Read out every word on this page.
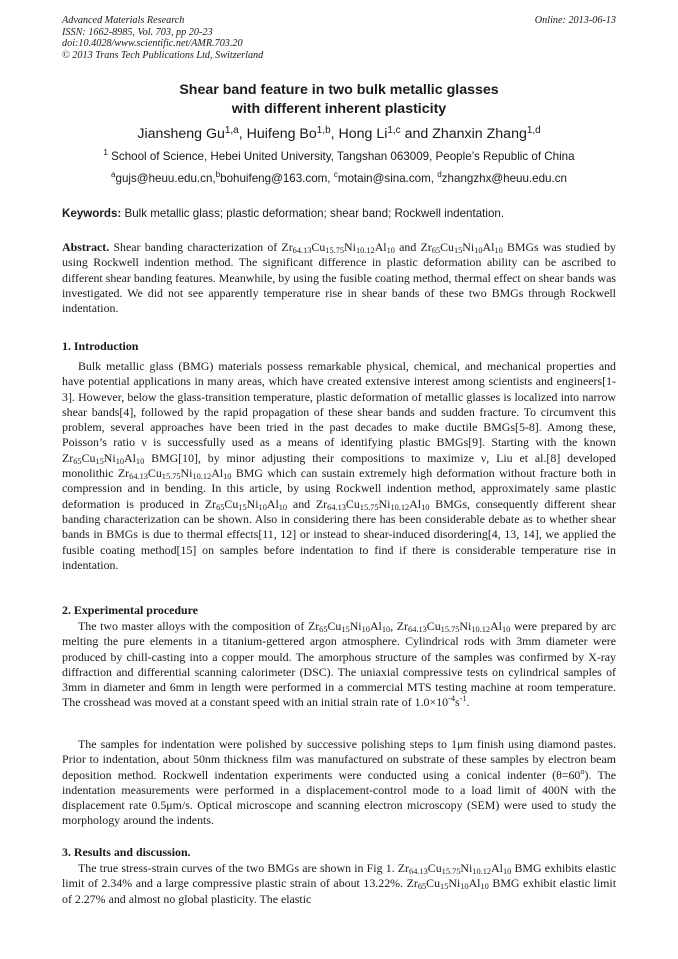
Advanced Materials Research
ISSN: 1662-8985, Vol. 703, pp 20-23
doi:10.4028/www.scientific.net/AMR.703.20
© 2013 Trans Tech Publications Ltd, Switzerland
Online: 2013-06-13
Shear band feature in two bulk metallic glasses
with different inherent plasticity
Jiansheng Gu$^{1,a}$, Huifeng Bo$^{1,b}$, Hong Li$^{1,c}$ and Zhanxin Zhang$^{1,d}$
$^1$ School of Science, Hebei United University, Tangshan 063009, People’s Republic of China
$^a$gujs@heuu.edu.cn,$^b$bohuifeng@163.com, $^c$motain@sina.com, $^d$zhangzhx@heuu.edu.cn
Keywords: Bulk metallic glass; plastic deformation; shear band; Rockwell indentation.
Abstract. Shear banding characterization of $Zr_{64.13}Cu_{15.75}Ni_{10.12}Al_{10}$ and $Zr_{65}Cu_{15}Ni_{10}Al_{10}$ BMGs was studied by using Rockwell indention method. The significant difference in plastic deformation ability can be ascribed to different shear banding features. Meanwhile, by using the fusible coating method, thermal effect on shear bands was investigated. We did not see apparently temperature rise in shear bands of these two BMGs through Rockwell indentation.
1. Introduction
Bulk metallic glass (BMG) materials possess remarkable physical, chemical, and mechanical properties and have potential applications in many areas, which have created extensive interest among scientists and engineers[1-3]. However, below the glass-transition temperature, plastic deformation of metallic glasses is localized into narrow shear bands[4], followed by the rapid propagation of these shear bands and sudden fracture. To circumvent this problem, several approaches have been tried in the past decades to make ductile BMGs[5-8]. Among these, Poisson’s ratio ν is successfully used as a means of identifying plastic BMGs[9]. Starting with the known $Zr_{65}Cu_{15}Ni_{10}Al_{10}$ BMG[10], by minor adjusting their compositions to maximize ν, Liu et al.[8] developed monolithic $Zr_{64.13}Cu_{15.75}Ni_{10.12}Al_{10}$ BMG which can sustain extremely high deformation without fracture both in compression and in bending. In this article, by using Rockwell indention method, approximately same plastic deformation is produced in $Zr_{65}Cu_{15}Ni_{10}Al_{10}$ and $Zr_{64.13}Cu_{15.75}Ni_{10.12}Al_{10}$ BMGs, consequently different shear banding characterization can be shown. Also in considering there has been considerable debate as to whether shear bands in BMGs is due to thermal effects[11, 12] or instead to shear-induced disordering[4, 13, 14], we applied the fusible coating method[15] on samples before indentation to find if there is considerable temperature rise in indentation.
2. Experimental procedure
The two master alloys with the composition of $Zr_{65}Cu_{15}Ni_{10}Al_{10}$, $Zr_{64.13}Cu_{15.75}Ni_{10.12}Al_{10}$ were prepared by arc melting the pure elements in a titanium-gettered argon atmosphere. Cylindrical rods with 3mm diameter were produced by chill-casting into a copper mould. The amorphous structure of the samples was confirmed by X-ray diffraction and differential scanning calorimeter (DSC). The uniaxial compressive tests on cylindrical samples of 3mm in diameter and 6mm in length were performed in a commercial MTS testing machine at room temperature. The crosshead was moved at a constant speed with an initial strain rate of $1.0\times 10^{-4}s^{-1}$.
The samples for indentation were polished by successive polishing steps to 1μm finish using diamond pastes. Prior to indentation, about 50nm thickness film was manufactured on substrate of these samples by electron beam deposition method. Rockwell indentation experiments were conducted using a conical indenter $(\theta=60^o)$. The indentation measurements were performed in a displacement-control mode to a load limit of 400N with the displacement rate 0.5μm/s. Optical microscope and scanning electron microscopy (SEM) were used to study the morphology around the indents.
3. Results and discussion.
The true stress-strain curves of the two BMGs are shown in Fig 1. $Zr_{64.13}Cu_{15.75}Ni_{10.12}Al_{10}$ BMG exhibits elastic limit of 2.34% and a large compressive plastic strain of about 13.22%. $Zr_{65}Cu_{15}Ni_{10}Al_{10}$ BMG exhibit elastic limit of 2.27% and almost no global plasticity. The elastic
